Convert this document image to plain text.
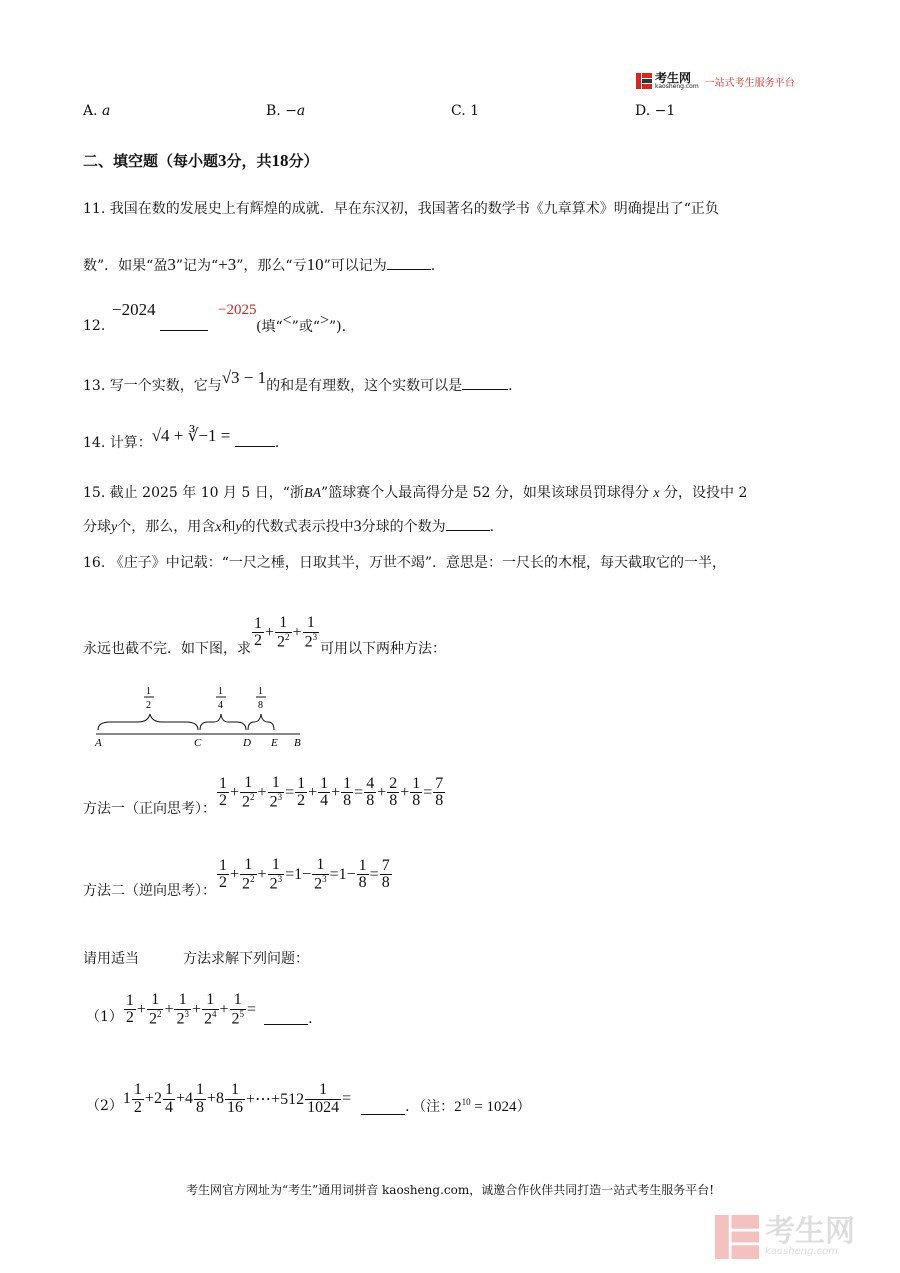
考生网
kaosheng.com 一站式考生服务平台
A. a	B. −a	C. 1	D. −1
二、填空题（每小题3分，共18分）
11. 我国在数的发展史上有辉煌的成就．早在东汉初，我国著名的数学书《九章算术》明确提出了“正负
数”．如果“盈3”记为“+3”，那么“亏10”可以记为	.
12.
−2024	−2025
(填“<”或“>”).
13. 写一个实数，它与√3 − 1的和是有理数，这个实数可以是	.
14. 计算：√4 + ∛−1 =	.
15. 截止 2025 年 10 月 5 日，“浙BA”篮球赛个人最高得分是 52 分，如果该球员罚球得分 x 分，设投中 2
分球y个，那么，用含x和y的代数式表示投中3分球的个数为	.
16. 《庄子》中记载：“一尺之棰，日取其半，万世不竭”．意思是：一尺长的木棍，每天截取它的一半，
永远也截不完．如下图，求 $\frac{1}{2} + \frac{1}{2^2} + \frac{1}{2^3}$ 可用以下两种方法：
1
2
1
4
1
8
A	C	D E B
方法一（正向思考）： $\frac{1}{2} + \frac{1}{2^2} + \frac{1}{2^3} = \frac{1}{2} + \frac{1}{4} + \frac{1}{8} = \frac{4}{8} + \frac{2}{8} + \frac{1}{8} = \frac{7}{8}$
方法二（逆向思考）： $\frac{1}{2} + \frac{1}{2^2} + \frac{1}{2^3} =1- \frac{1}{2^3} =1- \frac{1}{8} = \frac{7}{8}$
请用适当	方法求解下列问题：
$(1) \frac{1}{2} + \frac{1}{2^2} + \frac{1}{2^3} + \frac{1}{2^4} + \frac{1}{2^5}$ =
.
（2） $1 \frac{1}{2} +2 \frac{1}{4} +4 \frac{1}{8} +8 \frac{1}{16}$ +⋯+512 $\frac{1}{1024}$ =	．（注： $2^{10} = 1024$ ）
考生网官方网址为“考生”通用词拼音 kaosheng.com，诚邀合作伙伴共同打造一站式考生服务平台!
考生网
kaosheng.com
